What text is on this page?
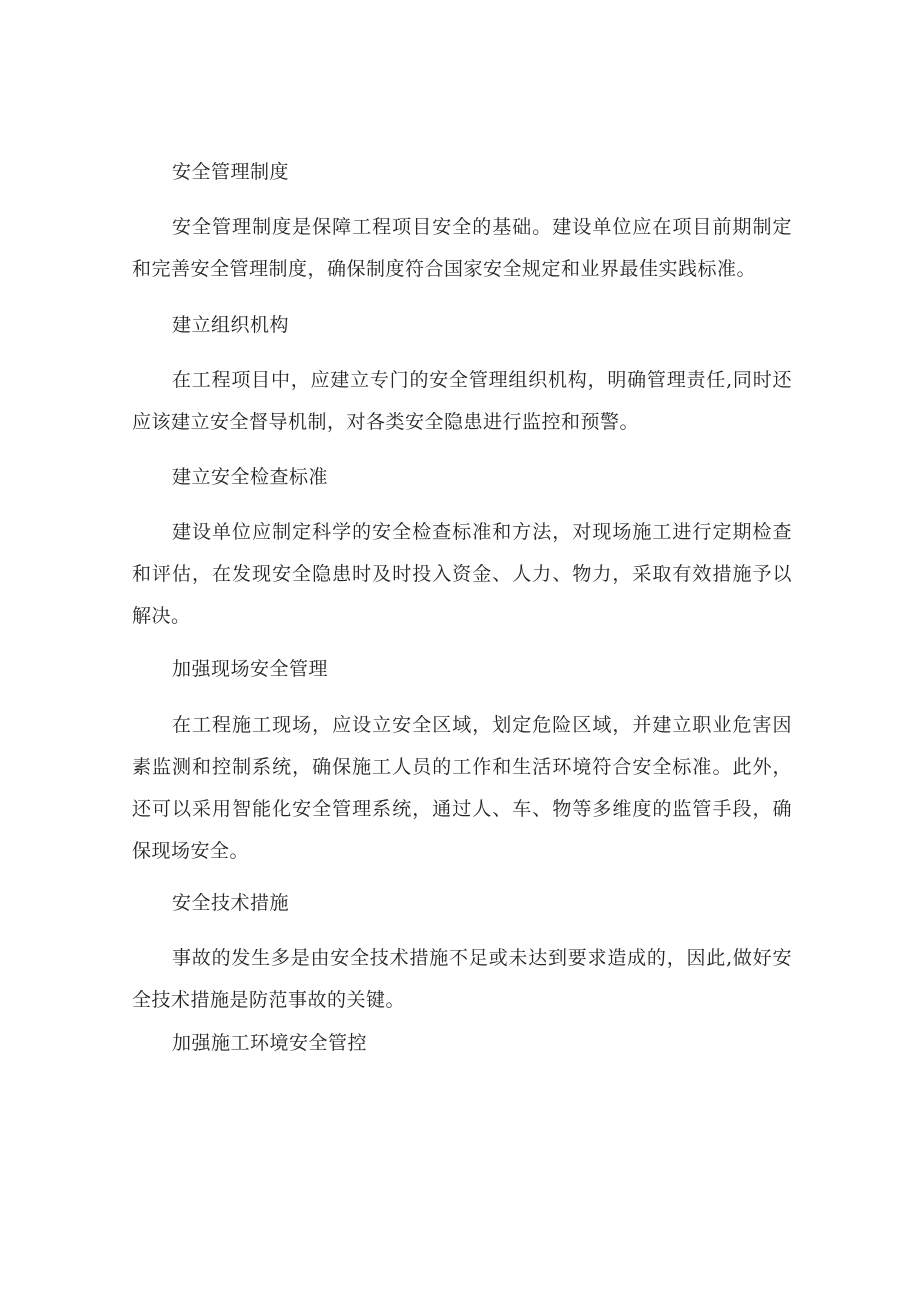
安全管理制度

安全管理制度是保障工程项目安全的基础。建设单位应在项目前期制定和完善安全管理制度，确保制度符合国家安全规定和业界最佳实践标准。

建立组织机构

在工程项目中，应建立专门的安全管理组织机构，明确管理责任,同时还应该建立安全督导机制，对各类安全隐患进行监控和预警。

建立安全检查标准

建设单位应制定科学的安全检查标准和方法，对现场施工进行定期检查和评估，在发现安全隐患时及时投入资金、人力、物力，采取有效措施予以解决。

加强现场安全管理

在工程施工现场，应设立安全区域，划定危险区域，并建立职业危害因素监测和控制系统，确保施工人员的工作和生活环境符合安全标准。此外，还可以采用智能化安全管理系统，通过人、车、物等多维度的监管手段，确保现场安全。

安全技术措施

事故的发生多是由安全技术措施不足或未达到要求造成的，因此,做好安全技术措施是防范事故的关键。

加强施工环境安全管控
